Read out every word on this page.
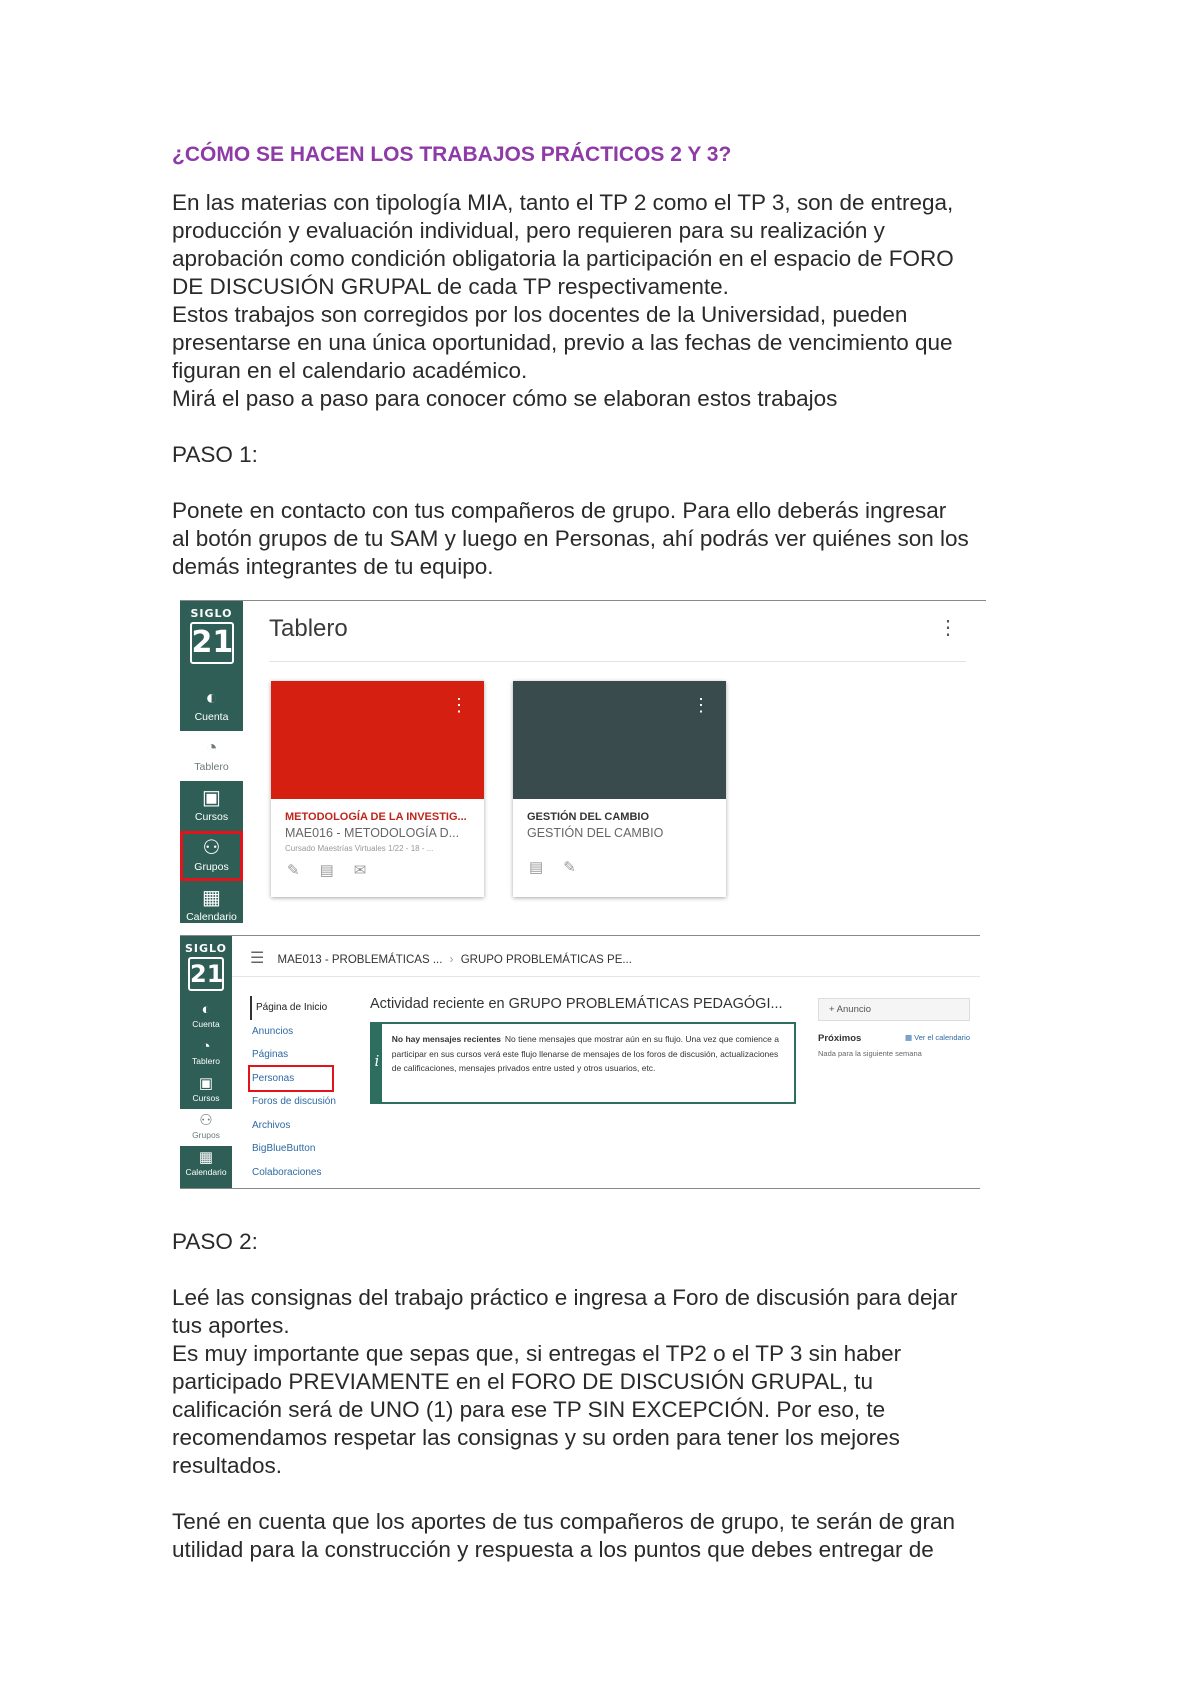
¿CÓMO SE HACEN LOS TRABAJOS PRÁCTICOS 2 Y 3?

En las materias con tipología MIA, tanto el TP 2 como el TP 3, son de entrega,

producción y evaluación individual, pero requieren para su realización y

aprobación como condición obligatoria la participación en el espacio de FORO

DE DISCUSIÓN GRUPAL de cada TP respectivamente.

Estos trabajos son corregidos por los docentes de la Universidad, pueden

presentarse en una única oportunidad, previo a las fechas de vencimiento que

figuran en el calendario académico.

Mirá el paso a paso para conocer cómo se elaboran estos trabajos

PASO 1:

Ponete en contacto con tus compañeros de grupo. Para ello deberás ingresar

al botón grupos de tu SAM y luego en Personas, ahí podrás ver quiénes son los

demás integrantes de tu equipo.

SIGLO
21
◐
Cuenta
◔
Tablero
▣
Cursos
⚇
Grupos
▦
Calendario
Tablero	⋮
⋮
METODOLOGÍA DE LA INVESTIG...
MAE016 - METODOLOGÍA D...
Cursado Maestrías Virtuales 1/22 - 18 - ...
✎▤✉
⋮
GESTIÓN DEL CAMBIO
GESTIÓN DEL CAMBIO
▤✎
SIGLO
21
◐
Cuenta
◔
Tablero
▣
Cursos
⚇
Grupos
▦
Calendario
☰ MAE013 - PROBLEMÁTICAS ... › GRUPO PROBLEMÁTICAS PE...
Página de Inicio
Anuncios
Páginas
Personas
Foros de discusión
Archivos
BigBlueButton
Colaboraciones
Actividad reciente en GRUPO PROBLEMÁTICAS PEDAGÓGI...
i
No hay mensajes recientes No tiene mensajes que mostrar aún en su flujo. Una vez que comience a participar en sus cursos verá este flujo llenarse de mensajes de los foros de discusión, actualizaciones de calificaciones, mensajes privados entre usted y otros usuarios, etc.
+ Anuncio
Próximos	▦ Ver el calendario
Nada para la siguiente semana

PASO 2:

Leé las consignas del trabajo práctico e ingresa a Foro de discusión para dejar

tus aportes.

Es muy importante que sepas que, si entregas el TP2 o el TP 3 sin haber

participado PREVIAMENTE en el FORO DE DISCUSIÓN GRUPAL, tu

calificación será de UNO (1) para ese TP SIN EXCEPCIÓN. Por eso, te

recomendamos respetar las consignas y su orden para tener los mejores

resultados.

Tené en cuenta que los aportes de tus compañeros de grupo, te serán de gran

utilidad para la construcción y respuesta a los puntos que debes entregar de
